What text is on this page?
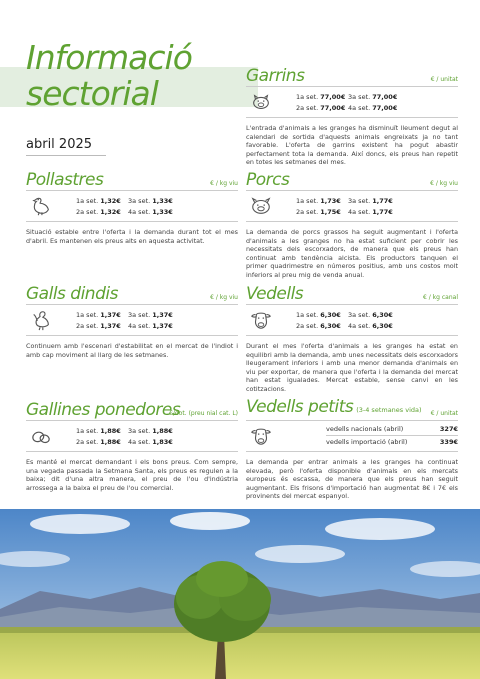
Informació
sectorial
abril 2025
Pollastres	€ / kg viu
1a set. 1,32€ 3a set. 1,33€
2a set. 1,32€ 4a set. 1,33€
Situació estable entre l'oferta i la demanda durant tot el mes d'abril. Es mantenen els preus alts en aquesta activitat.
Galls dindis	€ / kg viu
1a set. 1,37€ 3a set. 1,37€
2a set. 1,37€ 4a set. 1,37€
Continuem amb l'escenari d'estabilitat en el mercat de l'indiot i amb cap moviment al llarg de les setmanes.
Gallines ponedores
€/dot. (preu nial cat. L)
1a set. 1,88€ 3a set. 1,88€
2a set. 1,88€ 4a set. 1,83€
Es manté el mercat demandant i els bons preus. Com sempre, una vegada passada la Setmana Santa, els preus es regulen a la baixa; dit d'una altra manera, el preu de l'ou d'indústria arrossega a la baixa el preu de l'ou comercial.
Garrins	€ / unitat
1a set. 77,00€ 3a set. 77,00€
2a set. 77,00€ 4a set. 77,00€
L'entrada d'animals a les granges ha disminuït lleument degut al calendari de sortida d'aquests animals engreixats ja no tant favorable. L'oferta de garrins existent ha pogut abastir perfectament tota la demanda. Així doncs, els preus han repetit en totes les setmanes del mes.
Porcs	€ / kg viu
1a set. 1,73€ 3a set. 1,77€
2a set. 1,75€ 4a set. 1,77€
La demanda de porcs grassos ha seguit augmentant i l'oferta d'animals a les granges no ha estat suficient per cobrir les necessitats dels escorxadors, de manera que els preus han continuat amb tendència alcista. Els productors tanquen el primer quadrimestre en números positius, amb uns costos molt inferiors al preu mig de venda anual.
Vedells	€ / kg canal
1a set. 6,30€ 3a set. 6,30€
2a set. 6,30€ 4a set. 6,30€
Durant el mes l'oferta d'animals a les granges ha estat en equilibri amb la demanda, amb unes necessitats dels escorxadors lleugerament inferiors i amb una menor demanda d'animals en viu per exportar, de manera que l'oferta i la demanda del mercat han estat igualades. Mercat estable, sense canvi en les cotitzacions.
Vedells petits (3-4 setmanes vida) € / unitat
vedells nacionals (abril)	327€
vedells importació (abril)	339€
La demanda per entrar animals a les granges ha continuat elevada, però l'oferta disponible d'animals en els mercats europeus és escassa, de manera que els preus han seguit augmentant. Els frisons d'importació han augmentat 8€ i 7€ els provinents del mercat espanyol.
